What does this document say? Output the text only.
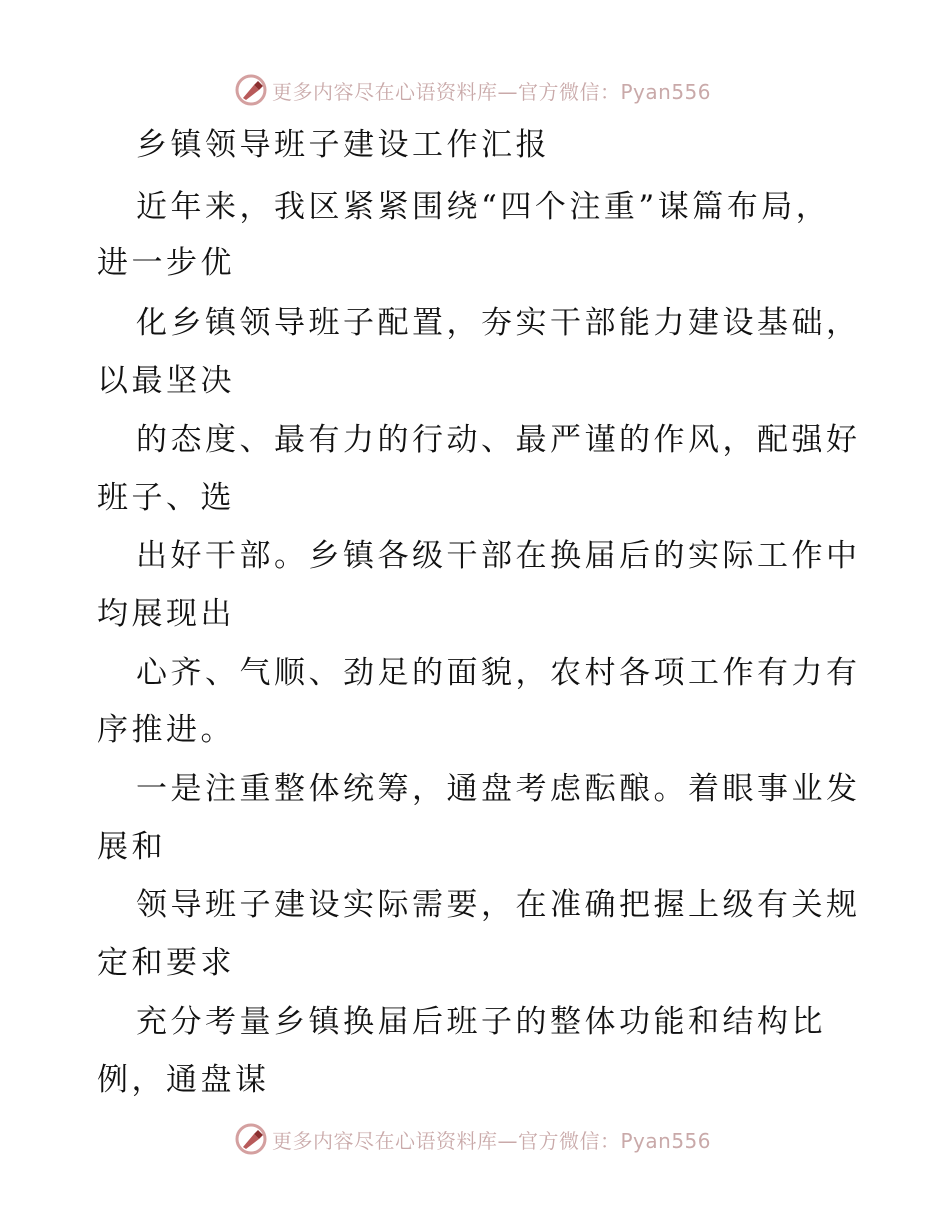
更多内容尽在心语资料库—官方微信：Pyan556
乡镇领导班子建设工作汇报
近年来，我区紧紧围绕“四个注重”谋篇布局，
进一步优
化乡镇领导班子配置，夯实干部能力建设基础，
以最坚决
的态度、最有力的行动、最严谨的作风，配强好
班子、选
出好干部。乡镇各级干部在换届后的实际工作中
均展现出
心齐、气顺、劲足的面貌，农村各项工作有力有
序推进。
一是注重整体统筹，通盘考虑酝酿。着眼事业发
展和
领导班子建设实际需要，在准确把握上级有关规
定和要求
充分考量乡镇换届后班子的整体功能和结构比
例，通盘谋
更多内容尽在心语资料库—官方微信：Pyan556
